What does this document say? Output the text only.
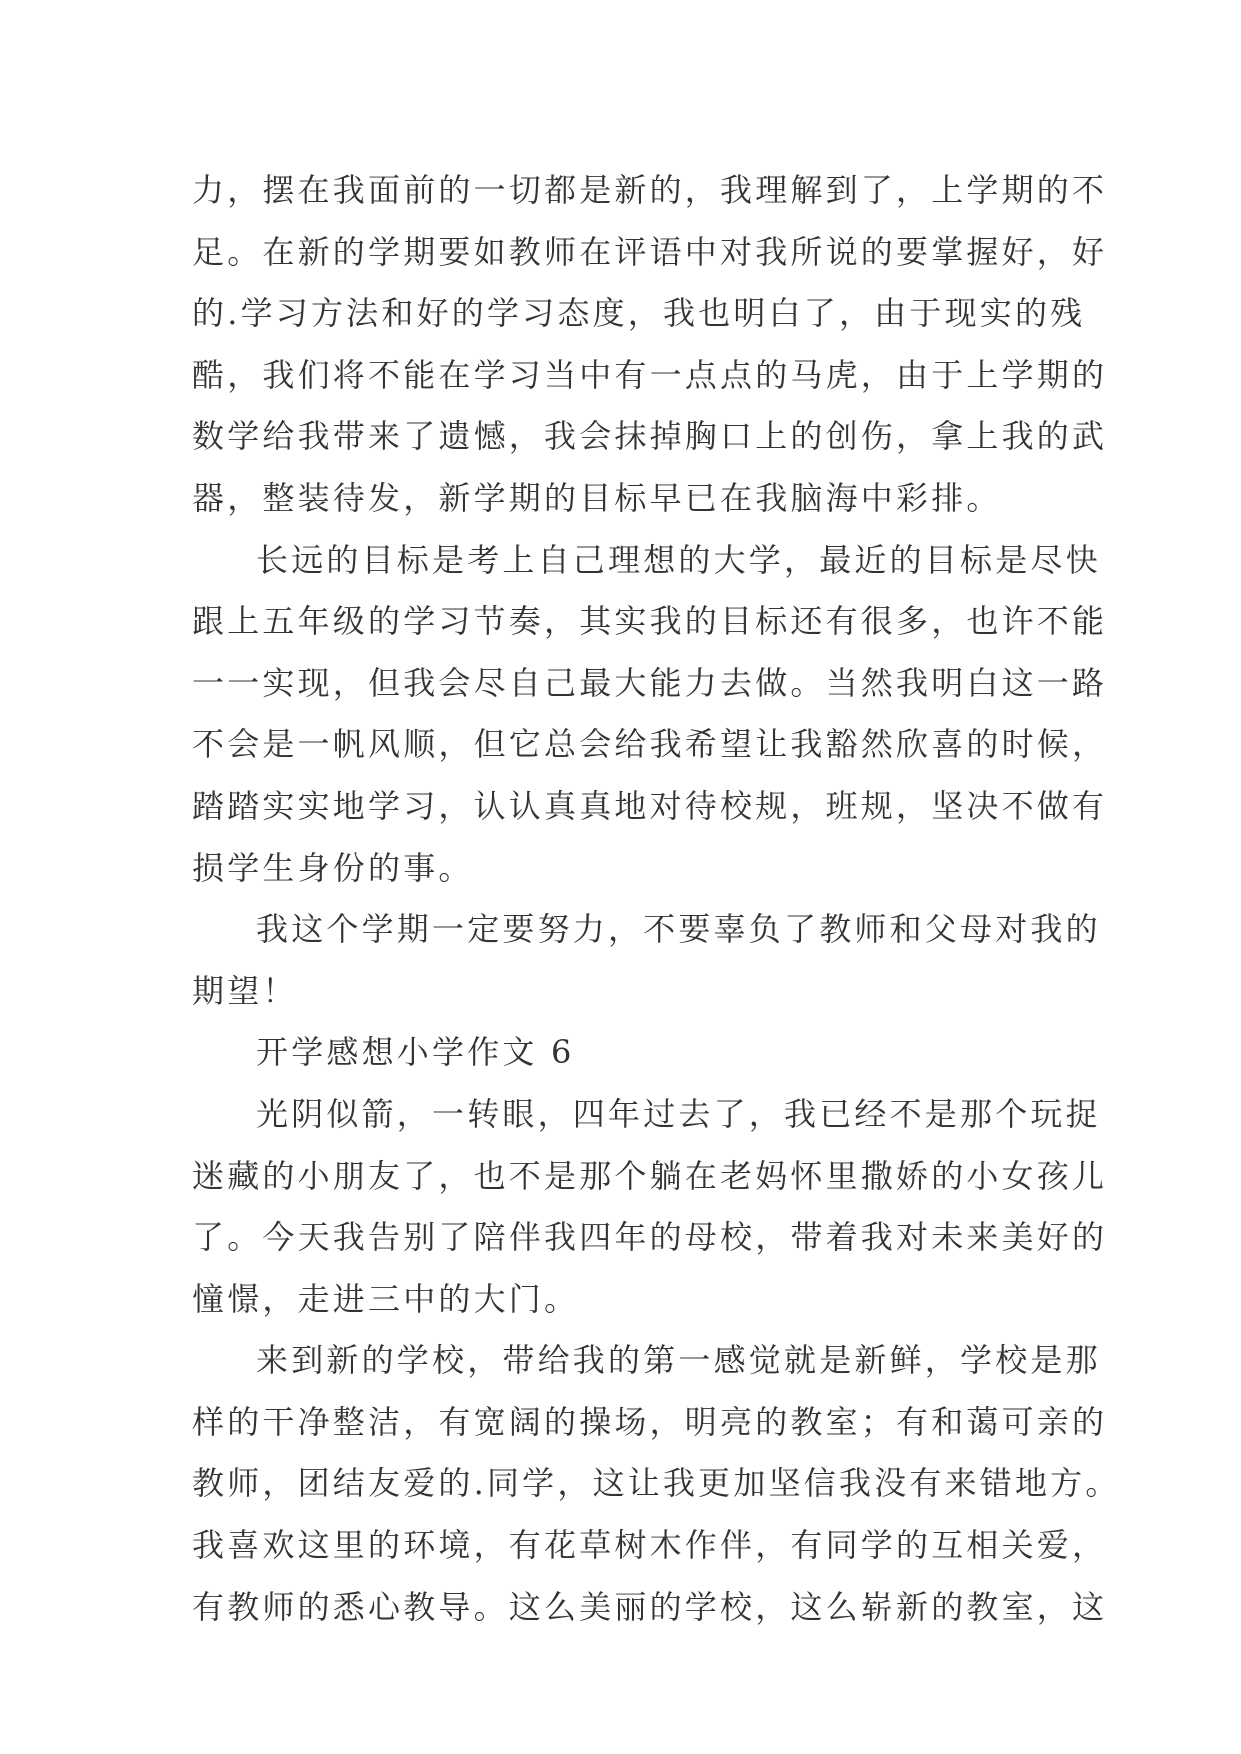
力，摆在我面前的一切都是新的，我理解到了，上学期的不
足。在新的学期要如教师在评语中对我所说的要掌握好，好
的.学习方法和好的学习态度，我也明白了，由于现实的残
酷，我们将不能在学习当中有一点点的马虎，由于上学期的
数学给我带来了遗憾，我会抹掉胸口上的创伤，拿上我的武
器，整装待发，新学期的目标早已在我脑海中彩排。
长远的目标是考上自己理想的大学，最近的目标是尽快
跟上五年级的学习节奏，其实我的目标还有很多，也许不能
一一实现，但我会尽自己最大能力去做。当然我明白这一路
不会是一帆风顺，但它总会给我希望让我豁然欣喜的时候，
踏踏实实地学习，认认真真地对待校规，班规，坚决不做有
损学生身份的事。
我这个学期一定要努力，不要辜负了教师和父母对我的
期望！
开学感想小学作文 6
光阴似箭，一转眼，四年过去了，我已经不是那个玩捉
迷藏的小朋友了，也不是那个躺在老妈怀里撒娇的小女孩儿
了。今天我告别了陪伴我四年的母校，带着我对未来美好的
憧憬，走进三中的大门。
来到新的学校，带给我的第一感觉就是新鲜，学校是那
样的干净整洁，有宽阔的操场，明亮的教室；有和蔼可亲的
教师，团结友爱的.同学，这让我更加坚信我没有来错地方。
我喜欢这里的环境，有花草树木作伴，有同学的互相关爱，
有教师的悉心教导。这么美丽的学校，这么崭新的教室，这
